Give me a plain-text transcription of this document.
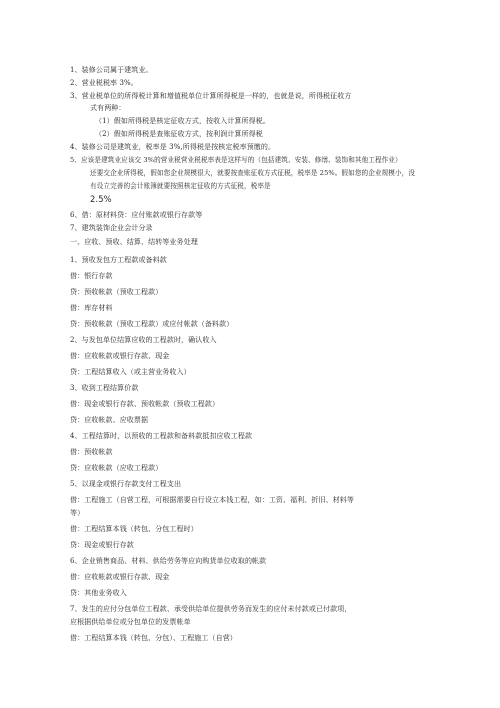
1、装修公司属于建筑业。
2、营业税税率 3%。
3、营业税单位的所得税计算和增值税单位计算所得税是一样的，也就是说，所得税征收方
式有两种：
（1）假如所得税是核定征收方式，按收入计算所得税。
（2）假如所得税是查账征收方式，按利润计算所得税
4、装修公司是建筑业，税率是 3%,所得税是按核定税率预缴的。
5、应该是建筑业应该交 3%的营业税营业税税率表是这样写的（包括建筑、安装、修缮、装饰和其他工程作业）
还要交企业所得税，假如您企业规模很大，就要按查账征收方式征税，税率是 25%。假如您的企业规模小，没
有设立完善的会计账簿就要按照核定征收的方式征税，税率是
2.5%
6、借：原材料贷：应付账款或银行存款等
7、建筑装饰企业会计分录
一、应收、预收、结算、结转等业务处理
1、预收发包方工程款或备料款
借：银行存款
贷：预收帐款（预收工程款）
借：库存材料
贷：预收帐款（预收工程款）或应付帐款（备料款）
2、与发包单位结算应收的工程款时，确认收入
借：应收帐款或银行存款、现金
贷：工程结算收入（或主营业务收入）
3、收到工程结算价款
借：现金或银行存款、预收帐款（预收工程款）
贷：应收帐款、应收票据
4、工程结算时，以预收的工程款和备料款抵扣应收工程款
借：预收帐款
贷：应收帐款（应收工程款）
5、以现金或银行存款支付工程支出
借：工程施工（自营工程，可根据需要自行设立本钱工程，如：工资、福利、折旧、材料等
等）
借：工程结算本钱（转包、分包工程时）
贷：现金或银行存款
6、企业销售商品、材料、供给劳务等应向购货单位收取的帐款
借：应收帐款或银行存款、现金
贷：其他业务收入
7、发生的应付分包单位工程款、承受供给单位提供劳务而发生的应付未付款或已付款项，
应根据供给单位或分包单位的发票帐单
借：工程结算本钱（转包、分包）、工程施工（自营）
